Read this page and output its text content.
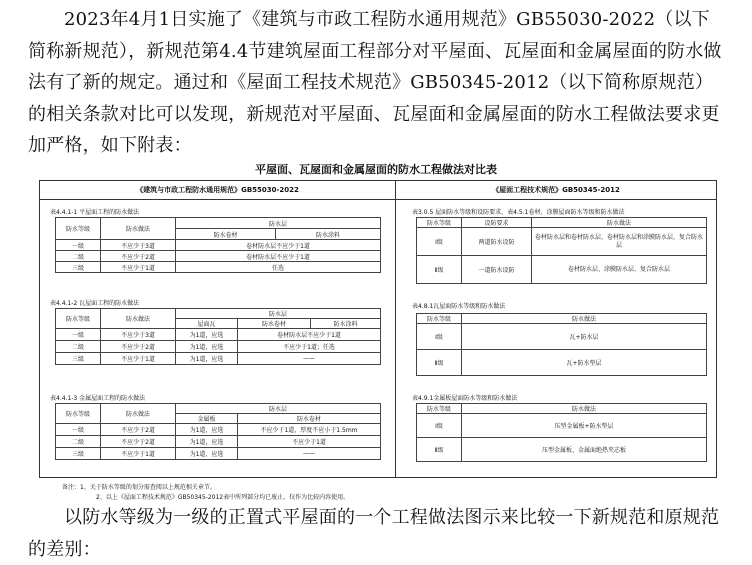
2023年4月1日实施了《建筑与市政工程防水通用规范》GB55030-2022（以下简称新规范），新规范第4.4节建筑屋面工程部分对平屋面、瓦屋面和金属屋面的防水做法有了新的规定。通过和《屋面工程技术规范》GB50345-2012（以下简称原规范）的相关条款对比可以发现，新规范对平屋面、瓦屋面和金属屋面的防水工程做法要求更加严格，如下附表：

平屋面、瓦屋面和金属屋面的防水工程做法对比表
《建筑与市政工程防水通用规范》GB55030-2022	《屋面工程技术规范》GB50345-2012
表4.4.1-1 平屋面工程的防水做法
防水等级	防水做法	防水层	
		防水卷材	防水涂料
一级	不应少于3道	卷材防水层不应少于1道	
二级	不应少于2道	卷材防水层不应少于1道	
三级	不应少于1道	任选	
表4.4.1-2 瓦屋面工程的防水做法
防水等级	防水做法	防水层		
		屋面瓦	防水卷材	防水涂料
一级	不应少于3道	为1道，应选	卷材防水层不应少于1道	
二级	不应少于2道	为1道，应选	不应少于1道；任选	
三级	不应少于1道	为1道，应选	——	
表4.4.1-3 金属屋面工程的防水做法
防水等级	防水做法	防水层	
		金属板	防水卷材
一级	不应少于2道	为1道，应选	不应少于1道，厚度不应小于1.5mm
二级	不应少于2道	为1道，应选	不应少于1道
三级	不应少于1道	为1道，应选	——
表3.0.5 屋面防水等级和设防要求，表4.5.1卷材、涂膜屋面防水等级和防水做法
防水等级	设防要求	防水做法
Ⅰ级	两道防水设防	卷材防水层和卷材防水层、卷材防水层和涂膜防水层、复合防水层
Ⅱ级	一道防水设防	卷材防水层、涂膜防水层、复合防水层
表4.8.1瓦屋面防水等级和防水做法
防水等级	防水做法
Ⅰ级	瓦+防水层
Ⅱ级	瓦+防水垫层
表4.9.1金属板屋面防水等级和防水做法
防水等级	防水做法
Ⅰ级	压型金属板+防水垫层
Ⅱ级	压型金属板、金属面绝热夹芯板
备注：1、关于防水等级的划分需查阅以上规范相关章节。
2、以上《屋面工程技术规范》GB50345-2012表中所列部分均已废止，仅作为比较内容使用。

以防水等级为一级的正置式平屋面的一个工程做法图示来比较一下新规范和原规范的差别：
